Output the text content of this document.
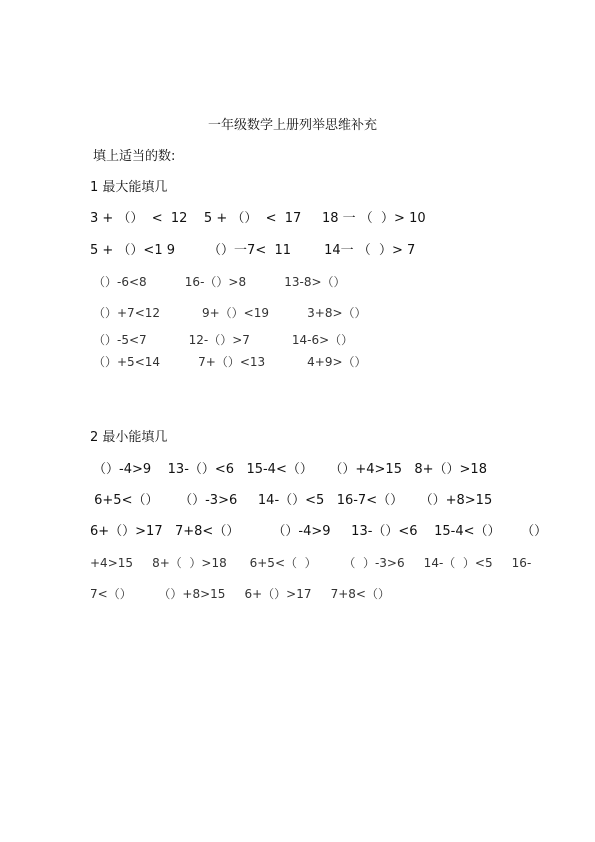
一年级数学上册列举思维补充
填上适当的数:
1 最大能填几
3 + （）  <  12    5 + （）  <  17     18 一 （  ）> 10
5 + （）<1 9        （）一7<  11        14一 （  ）> 7
（）-6<8          16-（）>8          13-8>（）
（）+7<12           9+（）<19          3+8>（）
（）-5<7           12-（）>7           14-6>（）
（）+5<14          7+（）<13           4+9>（）
2 最小能填几
（）-4>9    13-（）<6   15-4<（）    （）+4>15   8+（）>18
6+5<（）     （）-3>6     14-（）<5   16-7<（）    （）+8>15
6+（）>17   7+8<（）        （）-4>9     13-（）<6    15-4<（）     （）
+4>15     8+（  ）>18      6+5<（  ）       （  ）-3>6     14-（  ）<5     16-
7<（）       （）+8>15     6+（）>17     7+8<（）
